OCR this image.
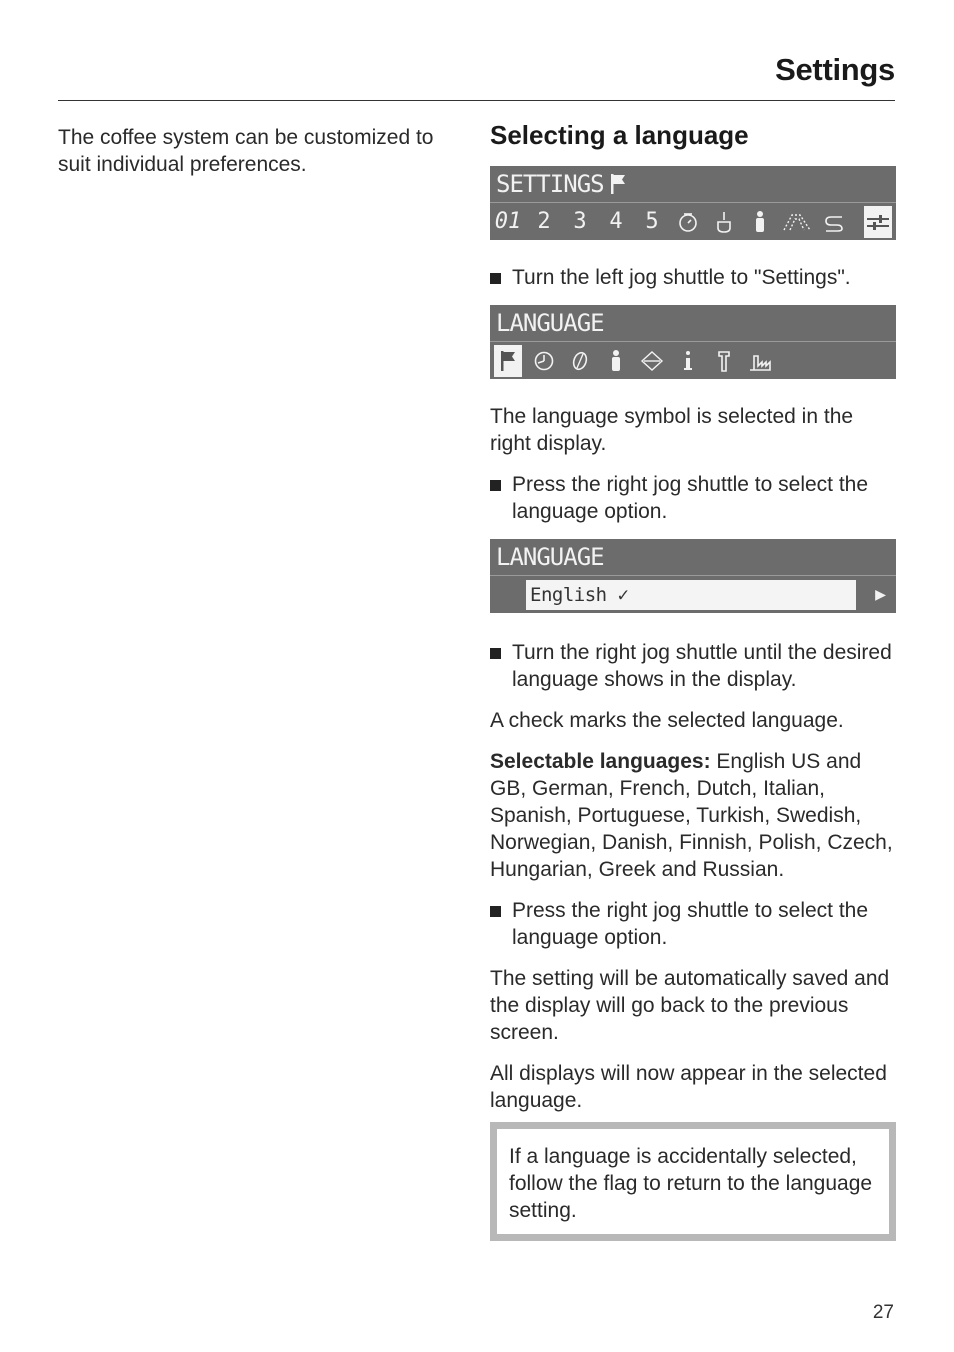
Settings
The coffee system can be customized to suit individual preferences.
Selecting a language
SETTINGS
01 2	3	4	5
Turn the left jog shuttle to "Settings".
LANGUAGE

The language symbol is selected in the right display.

Press the right jog shuttle to select the language option.
LANGUAGE
English ✓	▶
Turn the right jog shuttle until the desired language shows in the display.

A check marks the selected language.

Selectable languages: English US and GB, German, French, Dutch, Italian, Spanish, Portuguese, Turkish, Swedish, Norwegian, Danish, Finnish, Polish, Czech, Hungarian, Greek and Russian.

Press the right jog shuttle to select the language option.

The setting will be automatically saved and the display will go back to the previous screen.

All displays will now appear in the selected language.

If a language is accidentally selected, follow the flag to return to the language setting.
27
